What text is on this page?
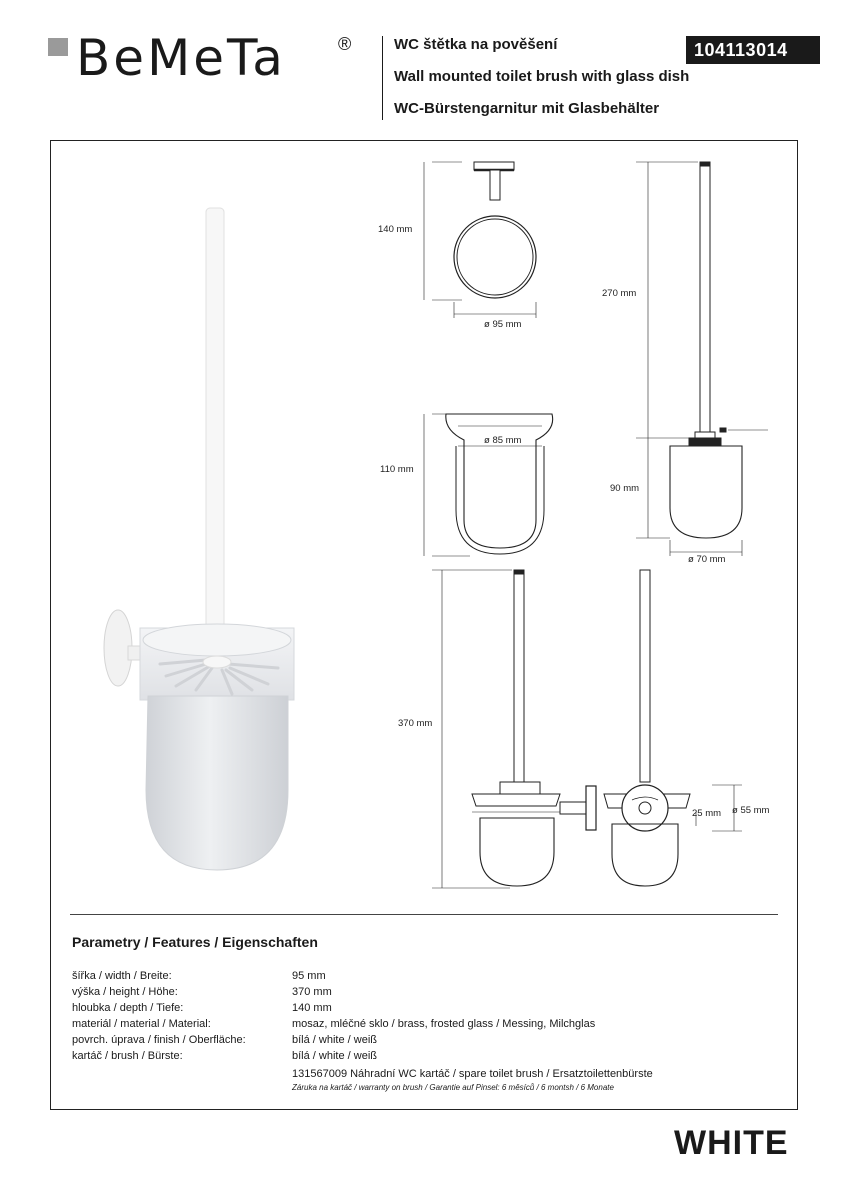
BeMeTa	®	WC štětka na pověšení
Wall mounted toilet brush with glass dish
WC-Bürstengarnitur mit Glasbehälter
104113014
140 mm
ø 95 mm
110 mm
ø 85 mm
270 mm
90 mm
ø 70 mm
370 mm
25 mm ø 55 mm
Parametry / Features / Eigenschaften
šířka / width / Breite:	95 mm
výška / height / Höhe:	370 mm
hloubka / depth / Tiefe:	140 mm
materiál / material / Material:	mosaz, mléčné sklo / brass, frosted glass / Messing, Milchglas
povrch. úprava / finish / Oberfläche:	bílá / white / weiß
kartáč / brush / Bürste:	bílá / white / weiß
131567009 Náhradní WC kartáč / spare toilet brush / Ersatztoilettenbürste
Záruka na kartáč / warranty on brush / Garantie auf Pinsel: 6 měsíců / 6 montsh / 6 Monate
WHITE
